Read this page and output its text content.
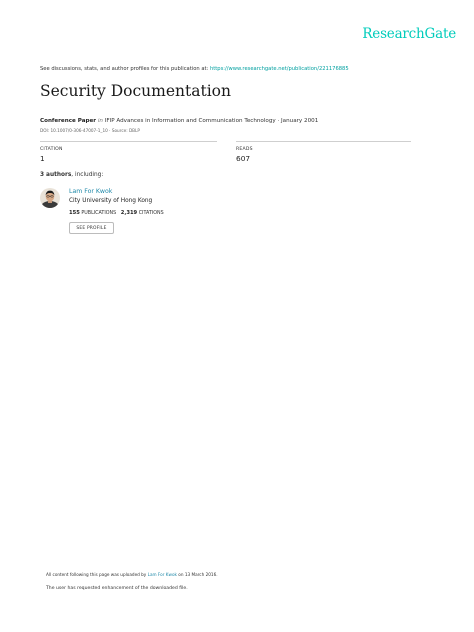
ResearchGate
See discussions, stats, and author profiles for this publication at: https://www.researchgate.net/publication/221176885
Security Documentation
Conference Paper in IFIP Advances in Information and Communication Technology · January 2001
DOI: 10.1007/0-306-47007-1_10 · Source: DBLP
CITATION
1
READS
607
3 authors, including:
Lam For Kwok
City University of Hong Kong
155 PUBLICATIONS 2,319 CITATIONS
SEE PROFILE
All content following this page was uploaded by Lam For Kwok on 13 March 2016.
The user has requested enhancement of the downloaded file.
